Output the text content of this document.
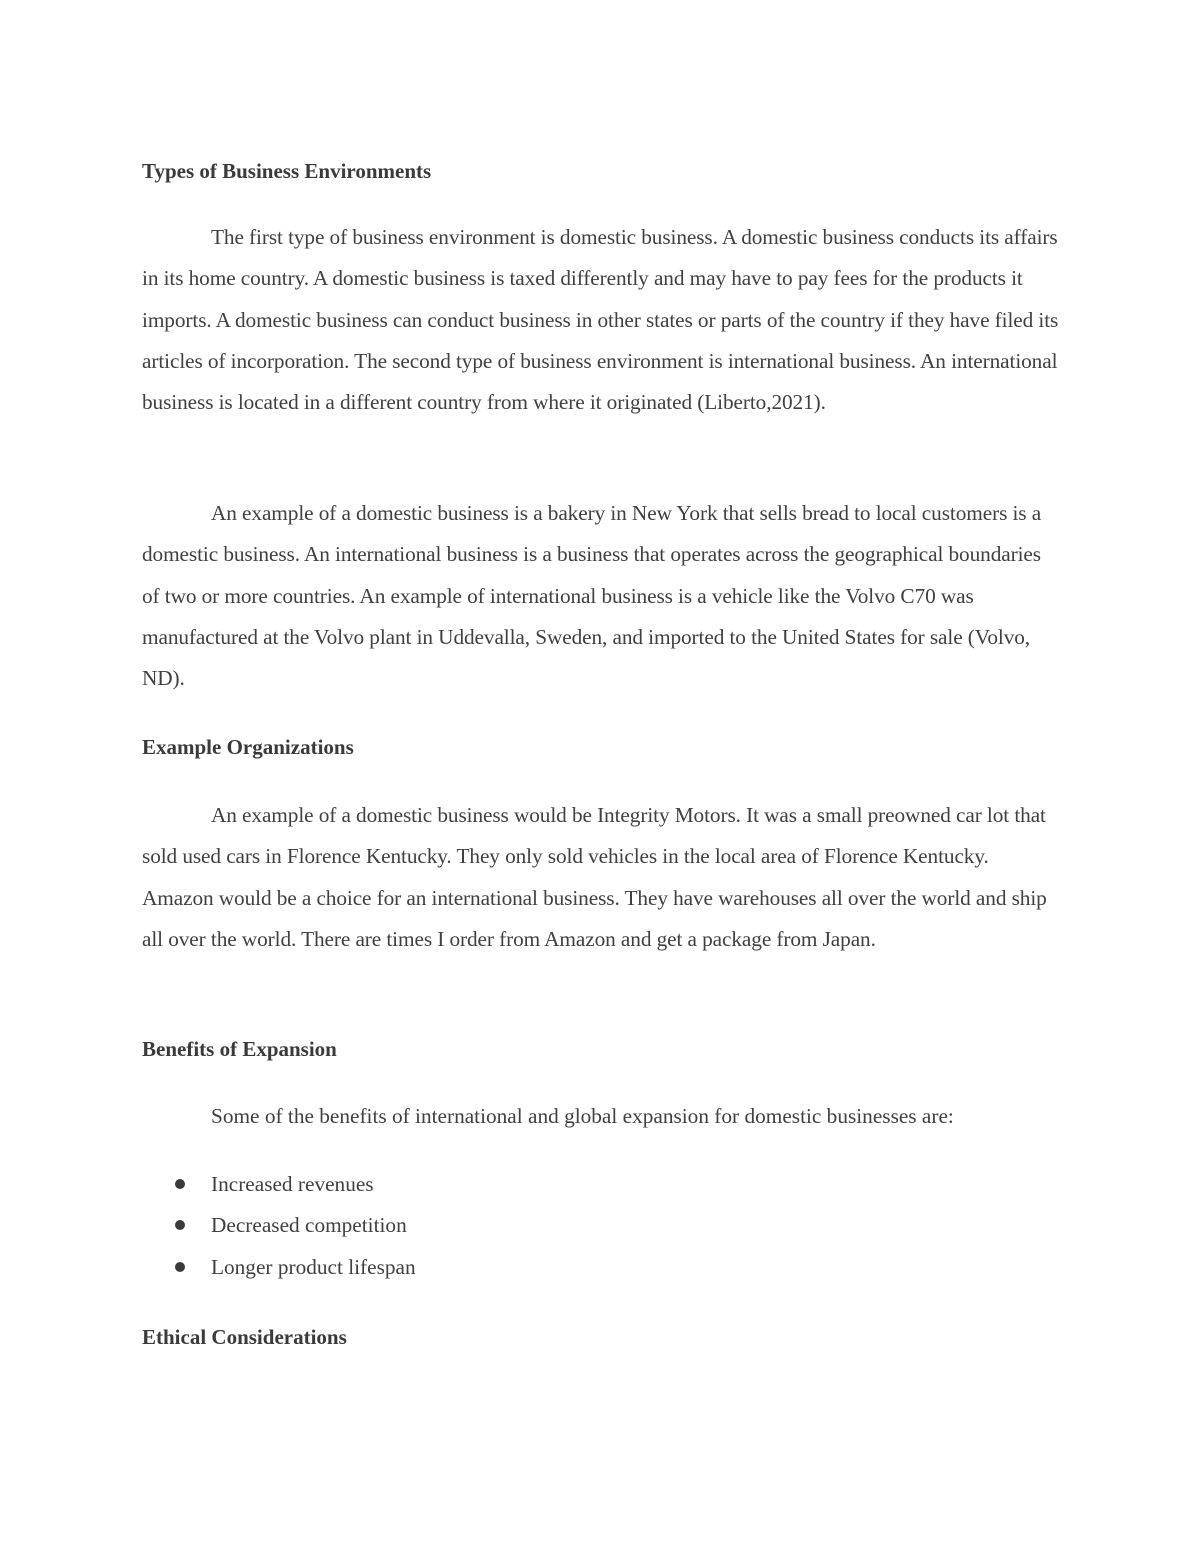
Types of Business Environments

The first type of business environment is domestic business. A domestic business conducts its affairs in its home country. A domestic business is taxed differently and may have to pay fees for the products it imports. A domestic business can conduct business in other states or parts of the country if they have filed its articles of incorporation. The second type of business environment is international business. An international business is located in a different country from where it originated (Liberto,2021).

An example of a domestic business is a bakery in New York that sells bread to local customers is a domestic business. An international business is a business that operates across the geographical boundaries of two or more countries. An example of international business is a vehicle like the Volvo C70 was manufactured at the Volvo plant in Uddevalla, Sweden, and imported to the United States for sale (Volvo, ND).

Example Organizations

An example of a domestic business would be Integrity Motors. It was a small preowned car lot that sold used cars in Florence Kentucky. They only sold vehicles in the local area of Florence Kentucky. Amazon would be a choice for an international business. They have warehouses all over the world and ship all over the world. There are times I order from Amazon and get a package from Japan.

Benefits of Expansion
Some of the benefits of international and global expansion for domestic businesses are:
Increased revenues
Decreased competition
Longer product lifespan
Ethical Considerations
